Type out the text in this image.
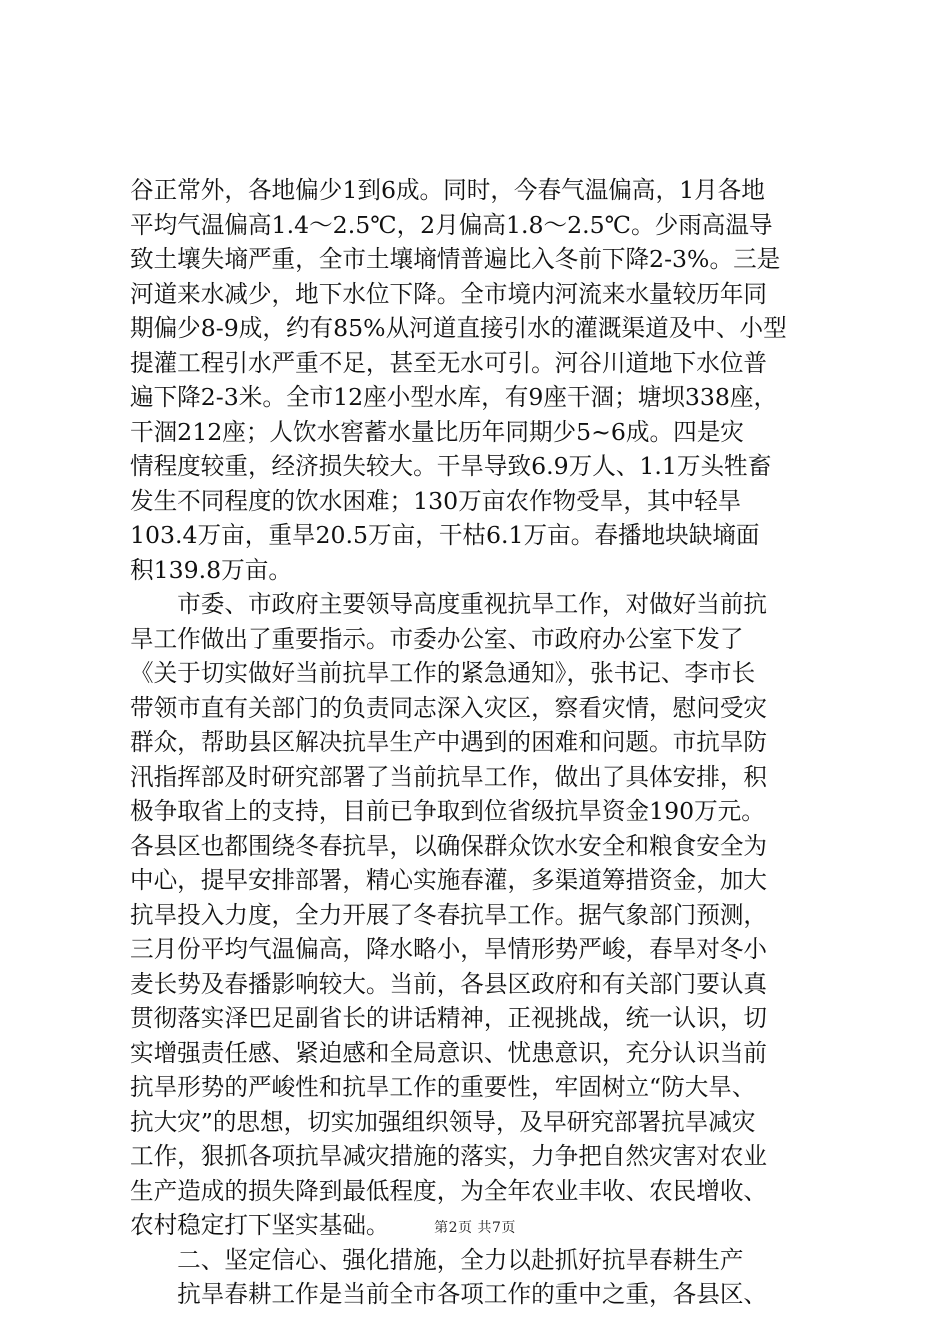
谷正常外，各地偏少1到6成。同时，今春气温偏高，1月各地
平均气温偏高1.4～2.5℃，2月偏高1.8～2.5℃。少雨高温导
致土壤失墒严重，全市土壤墒情普遍比入冬前下降2-3%。三是
河道来水减少，地下水位下降。全市境内河流来水量较历年同
期偏少8-9成，约有85%从河道直接引水的灌溉渠道及中、小型
提灌工程引水严重不足，甚至无水可引。河谷川道地下水位普
遍下降2-3米。全市12座小型水库，有9座干涸；塘坝338座，
干涸212座；人饮水窖蓄水量比历年同期少5~6成。四是灾
情程度较重，经济损失较大。干旱导致6.9万人、1.1万头牲畜
发生不同程度的饮水困难；130万亩农作物受旱，其中轻旱
103.4万亩，重旱20.5万亩，干枯6.1万亩。春播地块缺墒面
积139.8万亩。
　　市委、市政府主要领导高度重视抗旱工作，对做好当前抗
旱工作做出了重要指示。市委办公室、市政府办公室下发了
《关于切实做好当前抗旱工作的紧急通知》，张书记、李市长
带领市直有关部门的负责同志深入灾区，察看灾情，慰问受灾
群众，帮助县区解决抗旱生产中遇到的困难和问题。市抗旱防
汛指挥部及时研究部署了当前抗旱工作，做出了具体安排，积
极争取省上的支持，目前已争取到位省级抗旱资金190万元。
各县区也都围绕冬春抗旱，以确保群众饮水安全和粮食安全为
中心，提早安排部署，精心实施春灌，多渠道筹措资金，加大
抗旱投入力度，全力开展了冬春抗旱工作。据气象部门预测，
三月份平均气温偏高，降水略小，旱情形势严峻，春旱对冬小
麦长势及春播影响较大。当前，各县区政府和有关部门要认真
贯彻落实泽巴足副省长的讲话精神，正视挑战，统一认识，切
实增强责任感、紧迫感和全局意识、忧患意识，充分认识当前
抗旱形势的严峻性和抗旱工作的重要性，牢固树立“防大旱、
抗大灾”的思想，切实加强组织领导，及早研究部署抗旱减灾
工作，狠抓各项抗旱减灾措施的落实，力争把自然灾害对农业
生产造成的损失降到最低程度，为全年农业丰收、农民增收、
农村稳定打下坚实基础。
　　二、坚定信心、强化措施，全力以赴抓好抗旱春耕生产
　　抗旱春耕工作是当前全市各项工作的重中之重，各县区、
第2页 共7页
